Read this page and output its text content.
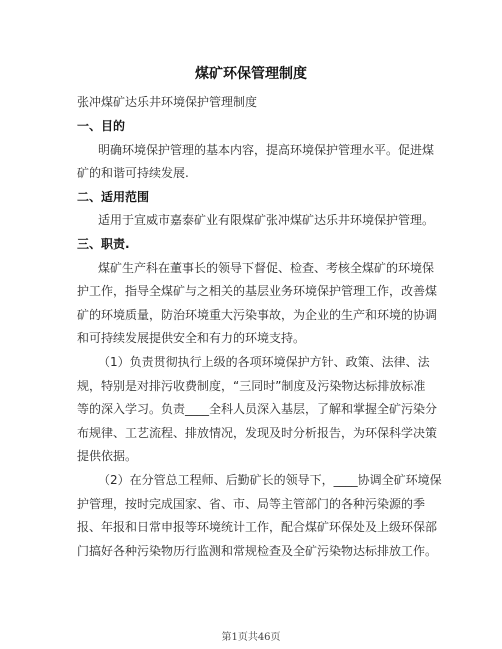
煤矿环保管理制度
张冲煤矿达乐井环境保护管理制度
一、目的
明确环境保护管理的基本内容，提高环境保护管理水平。促进煤
矿的和谐可持续发展.
二、适用范围
适用于宣威市嘉泰矿业有限煤矿张冲煤矿达乐井环境保护管理。
三、职责.
煤矿生产科在董事长的领导下督促、检查、考核全煤矿的环境保
护工作，指导全煤矿与之相关的基层业务环境保护管理工作，改善煤
矿的环境质量，防治环境重大污染事故，为企业的生产和环境的协调
和可持续发展提供安全和有力的环境支持。
（1）负责贯彻执行上级的各项环境保护方针、政策、法律、法
规，特别是对排污收费制度，“三同时”制度及污染物达标排放标准
等的深入学习。负责____全科人员深入基层，了解和掌握全矿污染分
布规律、工艺流程、排放情况，发现及时分析报告，为环保科学决策
提供依据。
（2）在分管总工程师、后勤矿长的领导下，____协调全矿环境保
护管理，按时完成国家、省、市、局等主管部门的各种污染源的季
报、年报和日常申报等环境统计工作，配合煤矿环保处及上级环保部
门搞好各种污染物历行监测和常规检查及全矿污染物达标排放工作。
第1页共46页
